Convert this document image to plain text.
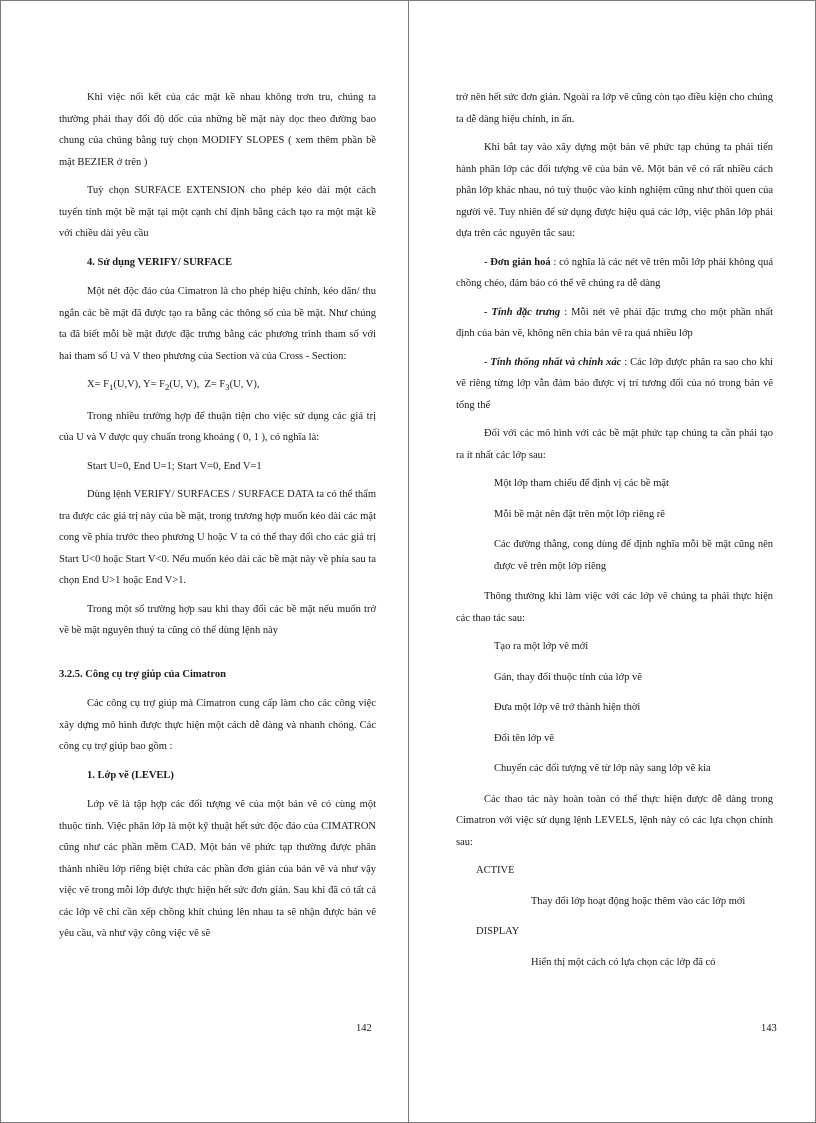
Khi việc nối kết của các mặt kề nhau không trơn tru, chúng ta thường phải thay đổi độ dốc của những bề mặt này dọc theo đường bao chung của chúng bằng tuỳ chọn MODIFY SLOPES ( xem thêm phần bề mặt BEZIER ở trên )

Tuỳ chọn SURFACE EXTENSION cho phép kéo dài một cách tuyến tính một bề mặt tại một cạnh chỉ định bằng cách tạo ra một mặt kề với chiều dài yêu cầu

4. Sử dụng VERIFY/ SURFACE

Một nét độc đáo của Cimatron là cho phép hiệu chỉnh, kéo dãn/ thu ngắn các bề mặt đã được tạo ra bằng các thông số của bề mặt. Như chúng ta đã biết mỗi bề mặt được đặc trưng bằng các phương trình tham số với hai tham số U và V theo phương của Section và của Cross - Section:

$X= F_1(U,V)$, $Y= F_2(U$, V),  $Z= F_3(U$, V),

Trong nhiều trường hợp để thuận tiện cho việc sử dụng các giá trị của U và V được quy chuẩn trong khoảng ( 0, 1 ), có nghĩa là:

Start U=0, End U=1; Start V=0, End V=1

Dùng lệnh VERIFY/ SURFACES / SURFACE DATA ta có thể thẩm tra được các giá trị này của bề mặt, trong trương hợp muốn kéo dài các mặt cong về phía trước theo phương U hoặc V ta có thể thay đổi cho các giá trị Start U<0 hoặc Start V<0. Nếu muốn kéo dài các bề mặt này về phía sau ta chọn End U>1 hoặc End V>1.

Trong một số trường hợp sau khi thay đổi các bề mặt nếu muốn trở về bề mặt nguyên thuỷ ta cũng có thể dùng lệnh này

3.2.5. Công cụ trợ giúp của Cimatron

Các công cụ trợ giúp mà Cimatron cung cấp làm cho các công việc xây dựng mô hình được thực hiện một cách dễ dàng và nhanh chóng. Các công cụ trợ giúp bao gồm :

1. Lớp vẽ (LEVEL)

Lớp vẽ là tập hợp các đối tượng vẽ của một bản vẽ có cùng một thuộc tính. Việc phân lớp là một kỹ thuật hết sức độc đáo của CIMATRON cũng như các phần mềm CAD. Một bản vẽ phức tạp thường được phân thành nhiều lớp riêng biệt chứa các phần đơn giản của bản vẽ và như vậy việc vẽ trong mỗi lớp được thực hiện hết sức đơn giản. Sau khi đã có tất cả các lớp vẽ chỉ cần xếp chồng khít chúng lên nhau ta sẽ nhận được bản vẽ yêu cầu, và như vậy công việc vẽ sẽ

142

trở nên hết sức đơn giản. Ngoài ra lớp vẽ cũng còn tạo điều kiện cho chúng ta dễ dàng hiệu chỉnh, in ấn.

Khi bắt tay vào xây dựng một bản vẽ phức tạp chúng ta phải tiến hành phân lớp các đối tượng vẽ của bản vẽ. Một bản vẽ có rất nhiều cách phân lớp khác nhau, nó tuỳ thuộc vào kinh nghiệm cũng như thói quen của người vẽ. Tuy nhiên để sử dụng được hiệu quả các lớp, việc phân lớp phải dựa trên các nguyên tắc sau:

- Đơn giản hoá : có nghĩa là các nét vẽ trên mỗi lớp phải không quá chồng chéo, đảm bảo có thể vẽ chúng ra dễ dàng

- Tính đặc trưng : Mỗi nét vẽ phải đặc trưng cho một phần nhất định của bản vẽ, không nên chia bản vẽ ra quá nhiều lớp

- Tính thống nhất và chính xác : Các lớp được phân ra sao cho khi vẽ riêng từng lớp vẫn đảm bảo được vị trí tương đối của nó trong bản vẽ tổng thể

Đối với các mô hình với các bề mặt phức tạp chúng ta cần phải tạo ra ít nhất các lớp sau:

Một lớp tham chiếu để định vị các bề mặt

Mỗi bề mặt nên đặt trên một lớp riêng rẽ

Các đường thẳng, cong dùng để định nghĩa mỗi bề mặt cũng nên được vẽ trên một lớp riêng

Thông thường khi làm việc với các lớp vẽ chúng ta phải thực hiện các thao tác sau:

Tạo ra một lớp vẽ mới

Gán, thay đổi thuộc tính của lớp vẽ

Đưa một lớp vẽ trở thành hiện thời

Đổi tên lớp vẽ

Chuyển các đối tượng vẽ từ lớp này sang lớp vẽ kia

Các thao tác này hoàn toàn có thể thực hiện được dễ dàng trong Cimatron với việc sử dụng lệnh LEVELS, lệnh này có các lựa chọn chính sau:

ACTIVE

Thay đổi lớp hoạt động hoặc thêm vào các lớp mới

DISPLAY

Hiển thị một cách có lựa chọn các lớp đã có

143
